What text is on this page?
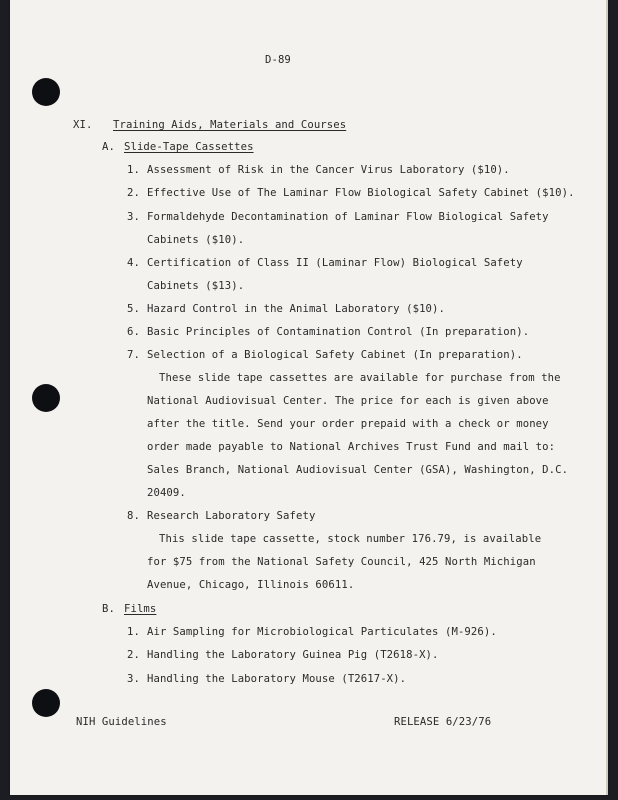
D-89
XI. Training Aids, Materials and Courses
A. Slide-Tape Cassettes
1. Assessment of Risk in the Cancer Virus Laboratory ($10).
2. Effective Use of The Laminar Flow Biological Safety Cabinet ($10).
3. Formaldehyde Decontamination of Laminar Flow Biological Safety
Cabinets ($10).
4. Certification of Class II (Laminar Flow) Biological Safety
Cabinets ($13).
5. Hazard Control in the Animal Laboratory ($10).
6. Basic Principles of Contamination Control (In preparation).
7. Selection of a Biological Safety Cabinet (In preparation).
These slide tape cassettes are available for purchase from the
National Audiovisual Center. The price for each is given above
after the title. Send your order prepaid with a check or money
order made payable to National Archives Trust Fund and mail to:
Sales Branch, National Audiovisual Center (GSA), Washington, D.C.
20409.
8. Research Laboratory Safety
This slide tape cassette, stock number 176.79, is available
for $75 from the National Safety Council, 425 North Michigan
Avenue, Chicago, Illinois 60611.
B. Films
1. Air Sampling for Microbiological Particulates (M-926).
2. Handling the Laboratory Guinea Pig (T2618-X).
3. Handling the Laboratory Mouse (T2617-X).
NIH Guidelines	RELEASE 6/23/76
